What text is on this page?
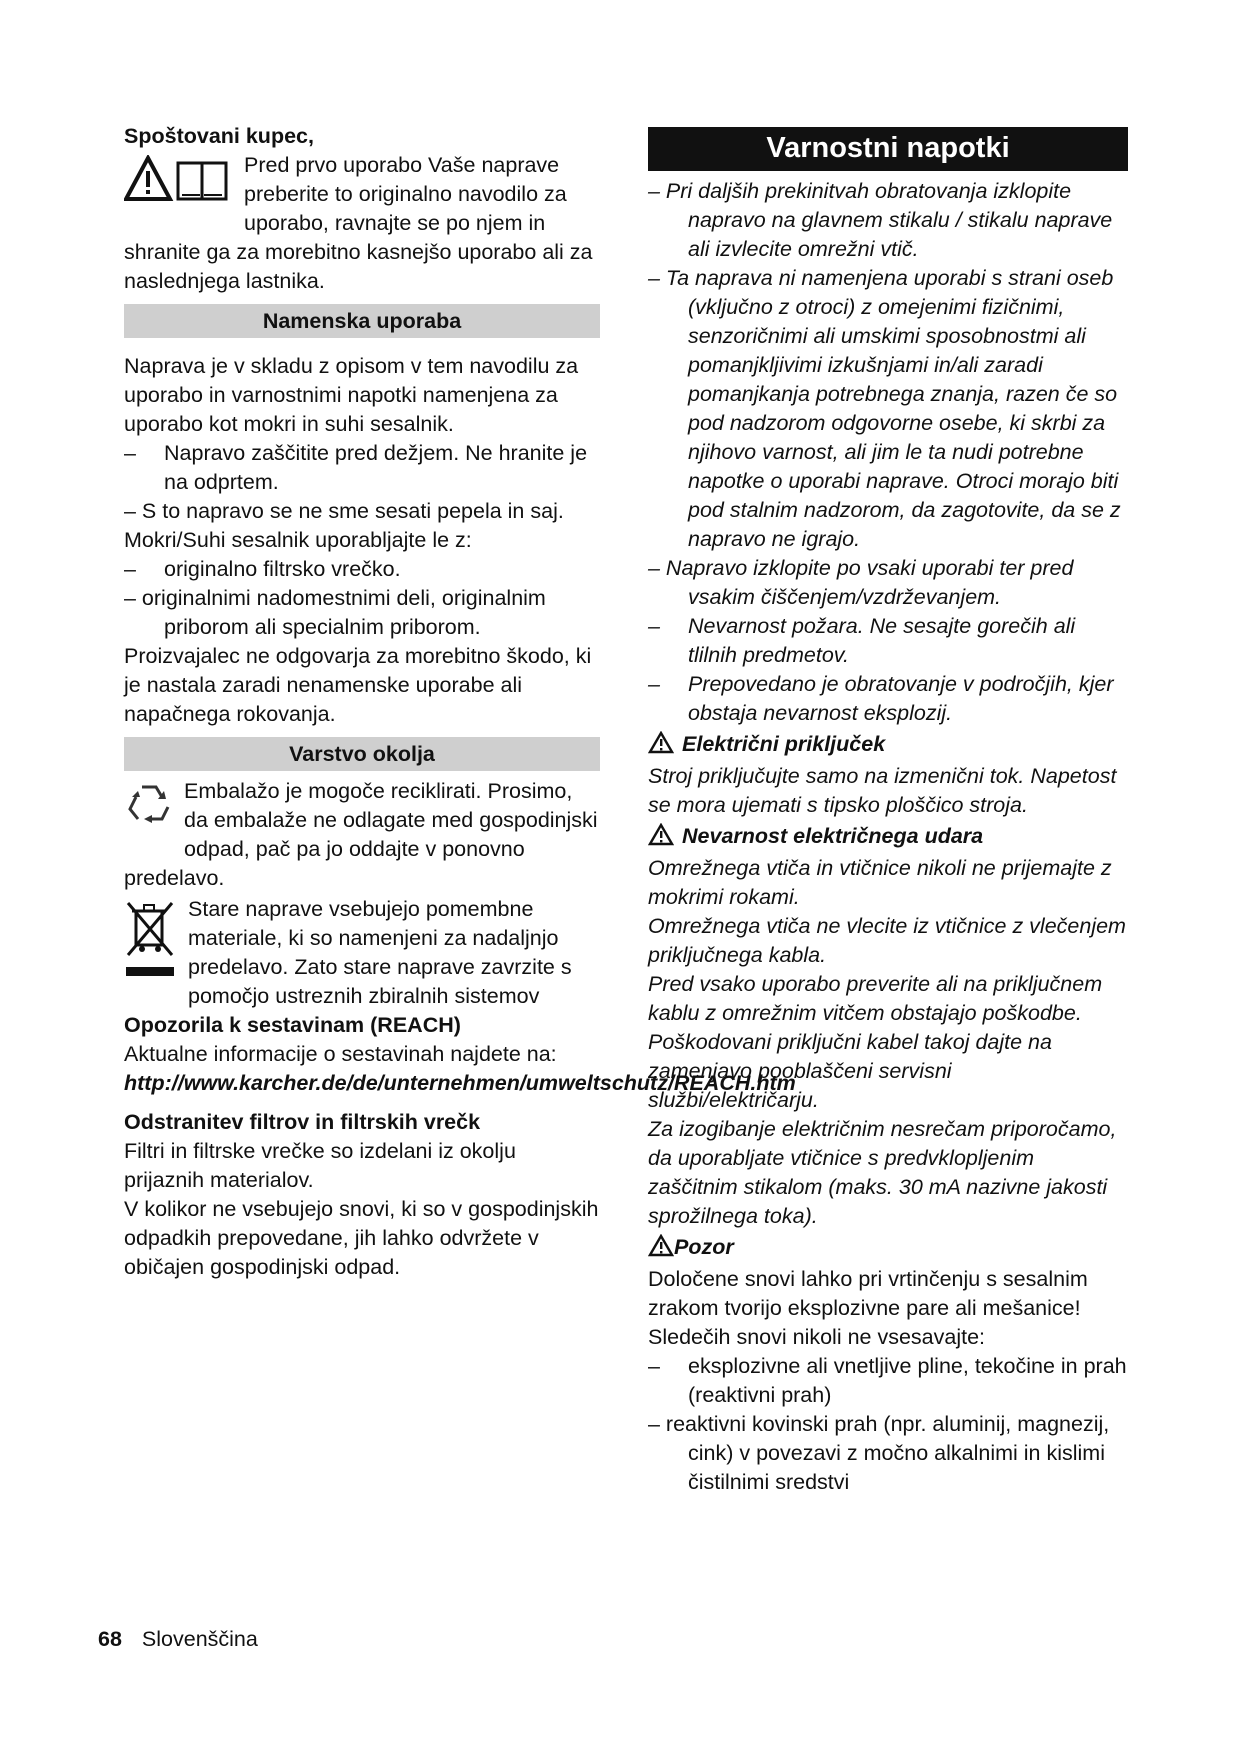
Spoštovani kupec,
Pred prvo uporabo Vaše naprave preberite to originalno navodilo za uporabo, ravnajte se po njem in shranite ga za morebitno kasnejšo uporabo ali za naslednjega lastnika.
Namenska uporaba
Naprava je v skladu z opisom v tem navodilu za uporabo in varnostnimi napotki namenjena za uporabo kot mokri in suhi sesalnik.
– Napravo zaščitite pred dežjem. Ne hranite je na odprtem.
– S to napravo se ne sme sesati pepela in saj.
Mokri/Suhi sesalnik uporabljajte le z:
– originalno filtrsko vrečko.
– originalnimi nadomestnimi deli, originalnim priborom ali specialnim priborom.
Proizvajalec ne odgovarja za morebitno škodo, ki je nastala zaradi nenamenske uporabe ali napačnega rokovanja.
Varstvo okolja
Embalažo je mogoče reciklirati. Prosimo, da embalaže ne odlagate med gospodinjski odpad, pač pa jo oddajte v ponovno predelavo.
Stare naprave vsebujejo pomembne materiale, ki so namenjeni za nadaljnjo predelavo. Zato stare naprave zavrzite s pomočjo ustreznih zbiralnih sistemov
Opozorila k sestavinam (REACH)
Aktualne informacije o sestavinah najdete na:
http://www.karcher.de/de/unternehmen/umweltschutz/REACH.htm
Odstranitev filtrov in filtrskih vrečk
Filtri in filtrske vrečke so izdelani iz okolju prijaznih materialov.
V kolikor ne vsebujejo snovi, ki so v gospodinjskih odpadkih prepovedane, jih lahko odvržete v običajen gospodinjski odpad.
Varnostni napotki
– Pri daljših prekinitvah obratovanja izklopite napravo na glavnem stikalu / stikalu naprave ali izvlecite omrežni vtič.
– Ta naprava ni namenjena uporabi s strani oseb (vključno z otroci) z omejenimi fizičnimi, senzoričnimi ali umskimi sposobnostmi ali pomanjkljivimi izkušnjami in/ali zaradi pomanjkanja potrebnega znanja, razen če so pod nadzorom odgovorne osebe, ki skrbi za njihovo varnost, ali jim le ta nudi potrebne napotke o uporabi naprave. Otroci morajo biti pod stalnim nadzorom, da zagotovite, da se z napravo ne igrajo.
– Napravo izklopite po vsaki uporabi ter pred vsakim čiščenjem/vzdrževanjem.
– Nevarnost požara. Ne sesajte gorečih ali tlilnih predmetov.
– Prepovedano je obratovanje v področjih, kjer obstaja nevarnost eksplozij.
Električni priključek
Stroj priključujte samo na izmenični tok. Napetost se mora ujemati s tipsko ploščico stroja.
Nevarnost električnega udara
Omrežnega vtiča in vtičnice nikoli ne prijemajte z mokrimi rokami.
Omrežnega vtiča ne vlecite iz vtičnice z vlečenjem priključnega kabla.
Pred vsako uporabo preverite ali na priključnem kablu z omrežnim vitčem obstajajo poškodbe. Poškodovani priključni kabel takoj dajte na zamenjavo pooblaščeni servisni službi/električarju.
Za izogibanje električnim nesrečam priporočamo, da uporabljate vtičnice s predvklopljenim zaščitnim stikalom (maks. 30 mA nazivne jakosti sprožilnega toka).
Pozor
Določene snovi lahko pri vrtinčenju s sesalnim zrakom tvorijo eksplozivne pare ali mešanice!
Sledečih snovi nikoli ne vsesavajte:
– eksplozivne ali vnetljive pline, tekočine in prah (reaktivni prah)
– reaktivni kovinski prah (npr. aluminij, magnezij, cink) v povezavi z močno alkalnimi in kislimi čistilnimi sredstvi
68 Slovenščina
